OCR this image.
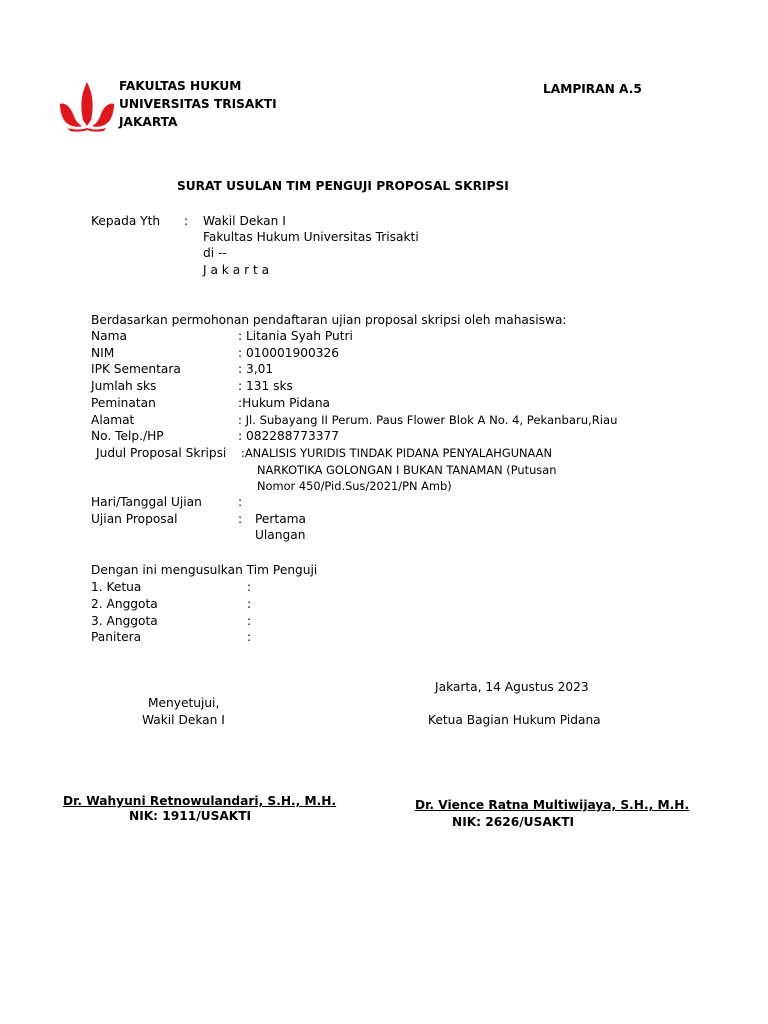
FAKULTAS HUKUM
UNIVERSITAS TRISAKTI
JAKARTA
LAMPIRAN A.5
SURAT USULAN TIM PENGUJI PROPOSAL SKRIPSI
Kepada Yth : Wakil Dekan I
Fakultas Hukum Universitas Trisakti
di --
J a k a r t a
Berdasarkan permohonan pendaftaran ujian proposal skripsi oleh mahasiswa:
Nama	: Litania Syah Putri
NIM	: 010001900326
IPK Sementara	: 3,01
Jumlah sks	: 131 sks
Peminatan	:Hukum Pidana
Alamat	: Jl. Subayang II Perum. Paus Flower Blok A No. 4, Pekanbaru,Riau
No. Telp./HP	: 082288773377
Judul Proposal Skripsi :ANALISIS YURIDIS TINDAK PIDANA PENYALAHGUNAAN
NARKOTIKA GOLONGAN I BUKAN TANAMAN (Putusan
Nomor 450/Pid.Sus/2021/PN Amb)
Hari/Tanggal Ujian	:
Ujian Proposal	: Pertama
Ulangan
Dengan ini mengusulkan Tim Penguji
1. Ketua	:
2. Anggota	:
3. Anggota	:
Panitera	:
Jakarta, 14 Agustus 2023
Menyetujui,
Wakil Dekan I	Ketua Bagian Hukum Pidana
Dr. Wahyuni Retnowulandari, S.H., M.H.
NIK: 1911/USAKTI
Dr. Vience Ratna Multiwijaya, S.H., M.H.
NIK: 2626/USAKTI
